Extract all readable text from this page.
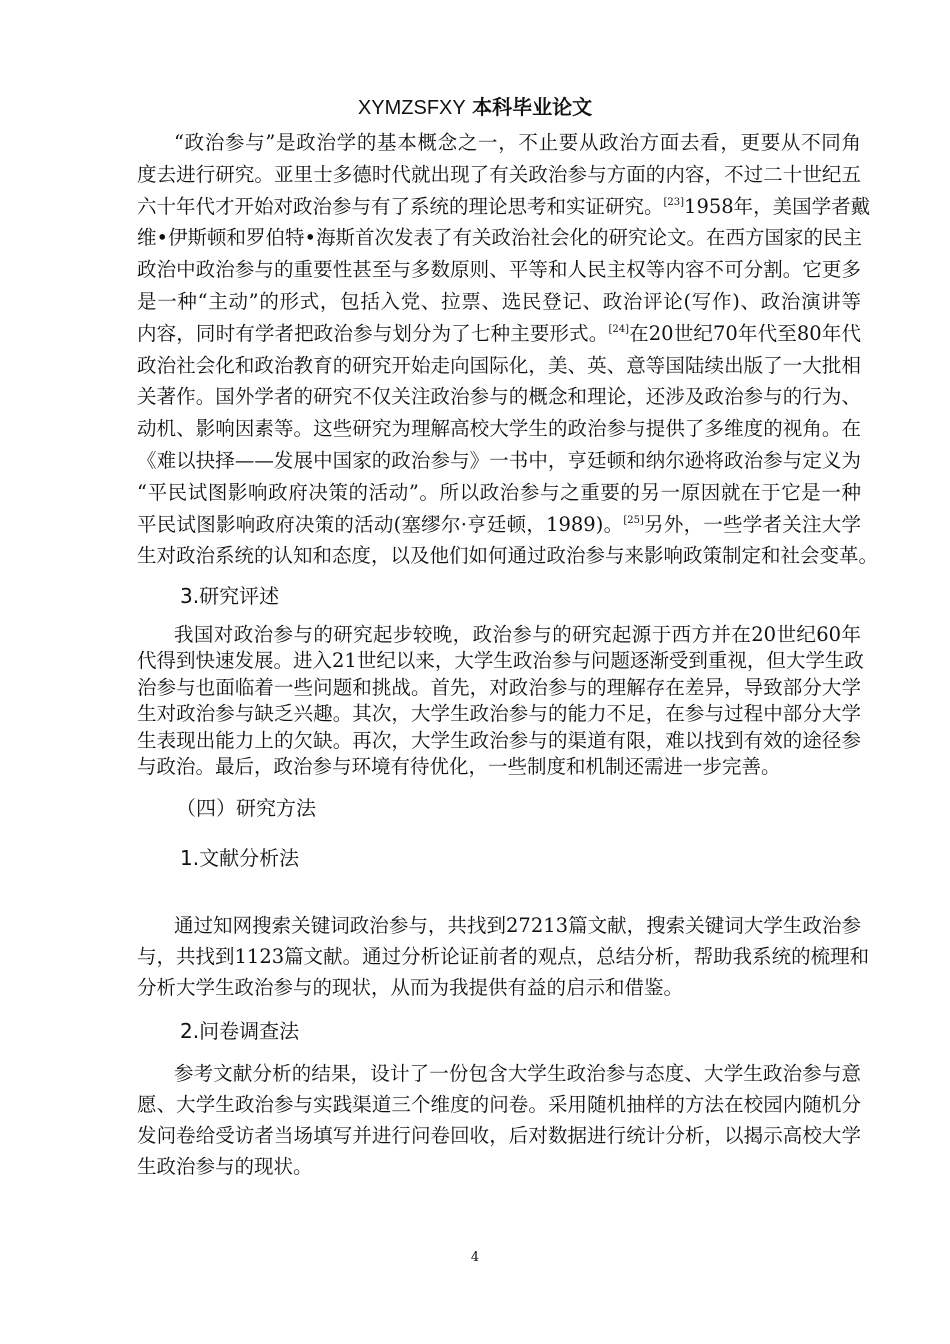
XYMZSFXY 本科毕业论文
“政治参与”是政治学的基本概念之一，不止要从政治方面去看，更要从不同角
度去进行研究。亚里士多德时代就出现了有关政治参与方面的内容，不过二十世纪五
六十年代才开始对政治参与有了系统的理论思考和实证研究。[23]1958年，美国学者戴
维•伊斯顿和罗伯特•海斯首次发表了有关政治社会化的研究论文。在西方国家的民主
政治中政治参与的重要性甚至与多数原则、平等和人民主权等内容不可分割。它更多
是一种“主动”的形式，包括入党、拉票、选民登记、政治评论(写作)、政治演讲等
内容，同时有学者把政治参与划分为了七种主要形式。[24]在20世纪70年代至80年代
政治社会化和政治教育的研究开始走向国际化，美、英、意等国陆续出版了一大批相
关著作。国外学者的研究不仅关注政治参与的概念和理论，还涉及政治参与的行为、
动机、影响因素等。这些研究为理解高校大学生的政治参与提供了多维度的视角。在
《难以抉择——发展中国家的政治参与》一书中，亨廷顿和纳尔逊将政治参与定义为
“平民试图影响政府决策的活动”。所以政治参与之重要的另一原因就在于它是一种
平民试图影响政府决策的活动(塞缪尔·亨廷顿，1989)。[25]另外，一些学者关注大学
生对政治系统的认知和态度，以及他们如何通过政治参与来影响政策制定和社会变革。
3.研究评述
我国对政治参与的研究起步较晚，政治参与的研究起源于西方并在20世纪60年
代得到快速发展。进入21世纪以来，大学生政治参与问题逐渐受到重视，但大学生政
治参与也面临着一些问题和挑战。首先，对政治参与的理解存在差异，导致部分大学
生对政治参与缺乏兴趣。其次，大学生政治参与的能力不足，在参与过程中部分大学
生表现出能力上的欠缺。再次，大学生政治参与的渠道有限，难以找到有效的途径参
与政治。最后，政治参与环境有待优化，一些制度和机制还需进一步完善。
（四）研究方法
1.文献分析法
通过知网搜索关键词政治参与，共找到27213篇文献，搜索关键词大学生政治参
与，共找到1123篇文献。通过分析论证前者的观点，总结分析，帮助我系统的梳理和
分析大学生政治参与的现状，从而为我提供有益的启示和借鉴。
2.问卷调查法
参考文献分析的结果，设计了一份包含大学生政治参与态度、大学生政治参与意
愿、大学生政治参与实践渠道三个维度的问卷。采用随机抽样的方法在校园内随机分
发问卷给受访者当场填写并进行问卷回收，后对数据进行统计分析，以揭示高校大学
生政治参与的现状。
4
